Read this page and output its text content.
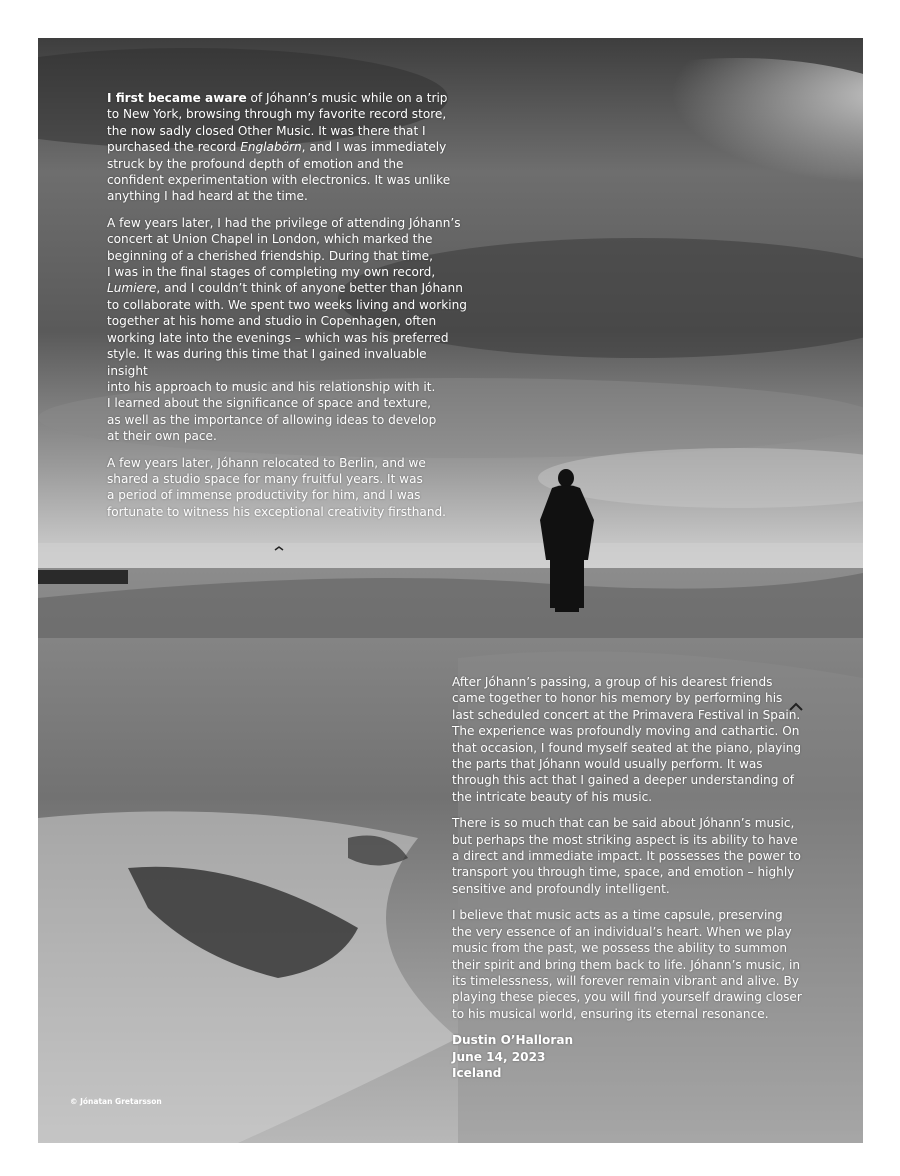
I first became aware of Jóhann’s music while on a trip
to New York, browsing through my favorite record store,
the now sadly closed Other Music. It was there that I
purchased the record Englabörn, and I was immediately
struck by the profound depth of emotion and the
confident experimentation with electronics. It was unlike
anything I had heard at the time.

A few years later, I had the privilege of attending Jóhann’s
concert at Union Chapel in London, which marked the
beginning of a cherished friendship. During that time,
I was in the final stages of completing my own record,
Lumiere, and I couldn’t think of anyone better than Jóhann
to collaborate with. We spent two weeks living and working
together at his home and studio in Copenhagen, often
working late into the evenings – which was his preferred
style. It was during this time that I gained invaluable insight
into his approach to music and his relationship with it.
I learned about the significance of space and texture,
as well as the importance of allowing ideas to develop
at their own pace.

A few years later, Jóhann relocated to Berlin, and we
shared a studio space for many fruitful years. It was
a period of immense productivity for him, and I was
fortunate to witness his exceptional creativity firsthand.

After Jóhann’s passing, a group of his dearest friends
came together to honor his memory by performing his
last scheduled concert at the Primavera Festival in Spain.
The experience was profoundly moving and cathartic. On
that occasion, I found myself seated at the piano, playing
the parts that Jóhann would usually perform. It was
through this act that I gained a deeper understanding of
the intricate beauty of his music.

There is so much that can be said about Jóhann’s music,
but perhaps the most striking aspect is its ability to have
a direct and immediate impact. It possesses the power to
transport you through time, space, and emotion – highly
sensitive and profoundly intelligent.

I believe that music acts as a time capsule, preserving
the very essence of an individual’s heart. When we play
music from the past, we possess the ability to summon
their spirit and bring them back to life. Jóhann’s music, in
its timelessness, will forever remain vibrant and alive. By
playing these pieces, you will find yourself drawing closer
to his musical world, ensuring its eternal resonance.

Dustin O’Halloran
June 14, 2023
Iceland
© Jónatan Gretarsson
